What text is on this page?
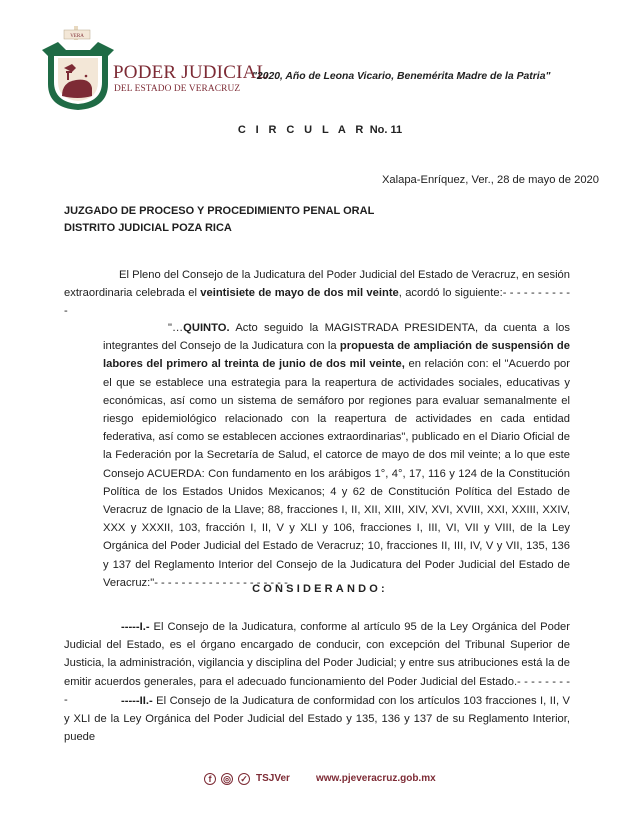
VERA
PODER JUDICIAL
DEL ESTADO DE VERACRUZ
"2020, Año de Leona Vicario, Benemérita Madre de la Patria"
C I R C U L A R No. 11
Xalapa-Enríquez, Ver., 28 de mayo de 2020
JUZGADO DE PROCESO Y PROCEDIMIENTO PENAL ORAL
DISTRITO JUDICIAL POZA RICA
El Pleno del Consejo de la Judicatura del Poder Judicial del Estado de Veracruz, en sesión extraordinaria celebrada el veintisiete de mayo de dos mil veinte, acordó lo siguiente:- - - - - - - - - - -
"…QUINTO. Acto seguido la MAGISTRADA PRESIDENTA, da cuenta a los integrantes del Consejo de la Judicatura con la propuesta de ampliación de suspensión de labores del primero al treinta de junio de dos mil veinte, en relación con: el "Acuerdo por el que se establece una estrategia para la reapertura de actividades sociales, educativas y económicas, así como un sistema de semáforo por regiones para evaluar semanalmente el riesgo epidemiológico relacionado con la reapertura de actividades en cada entidad federativa, así como se establecen acciones extraordinarias", publicado en el Diario Oficial de la Federación por la Secretaría de Salud, el catorce de mayo de dos mil veinte; a lo que este Consejo ACUERDA: Con fundamento en los arábigos 1°, 4°, 17, 116 y 124 de la Constitución Política de los Estados Unidos Mexicanos; 4 y 62 de Constitución Política del Estado de Veracruz de Ignacio de la Llave; 88, fracciones I, II, XII, XIII, XIV, XVI, XVIII, XXI, XXIII, XXIV, XXX y XXXII, 103, fracción I, II, V y XLI y 106, fracciones I, III, VI, VII y VIII, de la Ley Orgánica del Poder Judicial del Estado de Veracruz; 10, fracciones II, III, IV, V y VII, 135, 136 y 137 del Reglamento Interior del Consejo de la Judicatura del Poder Judicial del Estado de Veracruz:"- - - - - - - - - - - - - - - - - - - -
CONSIDERANDO:
-----I.- El Consejo de la Judicatura, conforme al artículo 95 de la Ley Orgánica del Poder Judicial del Estado, es el órgano encargado de conducir, con excepción del Tribunal Superior de Justicia, la administración, vigilancia y disciplina del Poder Judicial; y entre sus atribuciones está la de emitir acuerdos generales, para el adecuado funcionamiento del Poder Judicial del Estado.- - - - - - - - -	-----II.- El Consejo de la Judicatura de conformidad con los artículos 103 fracciones I, II, V y XLI de la Ley Orgánica del Poder Judicial del Estado y 135, 136 y 137 de su Reglamento Interior, puede
f	◎ ✓ TSJVer	www.pjeveracruz.gob.mx
